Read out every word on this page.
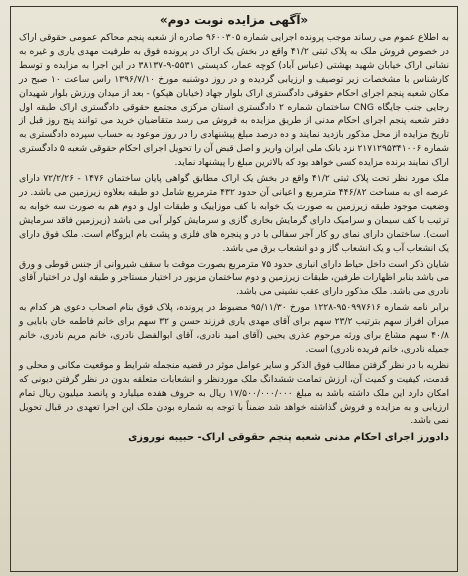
«آگهی مزایده نوبت دوم»

به اطلاع عموم می رساند موجب پرونده اجرایی شماره ۹۶۰۰۳۰۵ صادره از شعبه پنجم محاکم عمومی حقوقی اراک در خصوص فروش ملک به پلاک ثبتی ۴۱/۲ واقع در بخش یک اراک در پرونده فوق به طرفیت مهدی یاری و غیره به نشانی اراک خیابان شهید بهشتی (عباس آباد) کوچه عمار، کدپستی ۵۵۳۱-۹-۳۸۱۳۷ در این اجرا به مزایده و توسط کارشناس با مشخصات زیر توصیف و ارزیابی گردیده و در روز دوشنبه مورخ ۱۳۹۶/۷/۱۰ راس ساعت ۱۰ صبح در مکان شعبه پنجم اجرای احکام حقوقی دادگستری اراک بلوار جهاد (خیابان هپکو) - بعد از میدان ورزش بلوار شهیدان رجایی جنب جایگاه CNG ساختمان شماره ۲ دادگستری استان مرکزی مجتمع حقوقی دادگستری اراک طبقه اول دفتر شعبه پنجم اجرای احکام مدنی از طریق مزایده به فروش می رسد متقاضیان خرید می توانند پنج روز قبل از تاریخ مزایده از محل مذکور بازدید نمایند و ده درصد مبلغ پیشنهادی را در روز موعود به حساب سپرده دادگستری به شماره ۲۱۷۱۲۹۵۳۴۱۰۰۶ نزد بانک ملی ایران واریز و اصل قبض آن را تحویل اجرای احکام حقوقی شعبه ۵ دادگستری اراک نمایند برنده مزایده کسی خواهد بود که بالاترین مبلغ را پیشنهاد نماید.

ملک مورد نظر تحت پلاک ثبتی ۴۱/۲ واقع در بخش یک اراک مطابق گواهی پایان ساختمان ۱۴۷۶ - ۷۲/۲/۲۶ دارای عرصه ای به مساحت ۴۴۶/۸۲ مترمربع و اعیانی آن حدود ۴۳۲ مترمربع شامل دو طبقه بعلاوه زیرزمین می باشد. در وضعیت موجود طبقه زیرزمین به صورت یک خوابه با کف موزاییک و طبقات اول و دوم هم به صورت سه خوابه به ترتیب با کف سیمان و سرامیک دارای گرمایش بخاری گازی و سرمایش کولر آبی می باشد (زیرزمین فاقد سرمایش است). ساختمان دارای نمای رو کار آجر سفالی با در و پنجره های فلزی و پشت بام ایزوگام است. ملک فوق دارای یک انشعاب آب و یک انشعاب گاز و دو انشعاب برق می باشد.

شایان ذکر است داخل حیاط دارای انباری حدود ۷۵ مترمربع بصورت موقت با سقف شیروانی از جنس قوطی و ورق می باشد بنابر اظهارات طرفین، طبقات زیرزمین و دوم ساختمان مزبور در اختیار مستاجر و طبقه اول در اختیار آقای نادری می باشد. ملک مذکور دارای عقب نشینی می باشد.

برابر نامه شماره ۹۵۰۹۹۷۶۱۶-۱۲۲۸ مورخ ۹۵/۱۱/۳۰ مضبوط در پرونده، پلاک فوق بنام اصحاب دعوی هر کدام به میزان افراز سهم بترتیب ۲۳/۲ سهم برای آقای مهدی یاری فرزند حسن و ۳۲ سهم برای خانم فاطمه خان بابایی و ۴۰/۸ سهم مشاع برای ورثه مرحوم عذری یحیی (آقای امید نادری، آقای ابوالفضل نادری، خانم مریم نادری، خانم جمیله نادری، خانم فریده نادری) است.

نظریه با در نظر گرفتن مطالب فوق الذکر و سایر عوامل موثر در قضیه منجمله شرایط و موقعیت مکانی و محلی و قدمت، کیفیت و کمیت آن، ارزش تمامت ششدانگ ملک موردنظر و انشعابات متعلقه بدون در نظر گرفتن دیونی که امکان دارد این ملک داشته باشد به مبلغ ۱۷/۵۰۰/۰۰۰/۰۰۰ ریال به حروف هفده میلیارد و پانصد میلیون ریال تمام ارزیابی و به مزایده و فروش گذاشته خواهد شد ضمناً با توجه به شماره بودن ملک این اجرا تعهدی در قبال تحویل نمی باشد.

دادورز اجرای احکام مدنی شعبه پنجم حقوقی اراک- حبیبه نوروزی
